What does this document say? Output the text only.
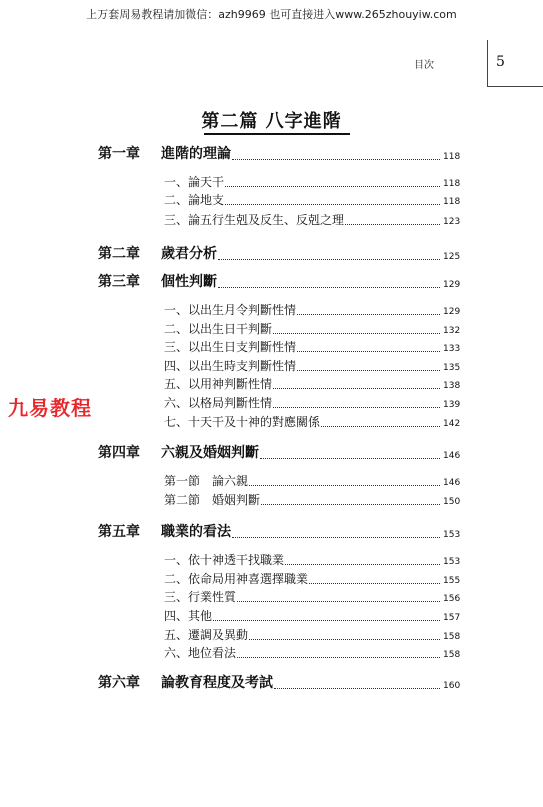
上万套周易教程请加微信：azh9969 也可直接进入www.265zhouyiw.com
目次	5
第二篇 八字進階
第一章	進階的理論	118
一、論天干	118
二、論地支	118
三、論五行生剋及反生、反剋之理	123
第二章	歲君分析	125
第三章	個性判斷	129
一、以出生月令判斷性情	129
二、以出生日干判斷	132
三、以出生日支判斷性情	133
四、以出生時支判斷性情	135
五、以用神判斷性情	138
六、以格局判斷性情	139
七、十天干及十神的對應關係	142
第四章	六親及婚姻判斷	146
第一節　論六親	146
第二節　婚姻判斷	150
第五章	職業的看法	153
一、依十神透干找職業	153
二、依命局用神喜選擇職業	155
三、行業性質	156
四、其他	157
五、遷調及異動	158
六、地位看法	158
第六章	論教育程度及考試	160
九易教程
